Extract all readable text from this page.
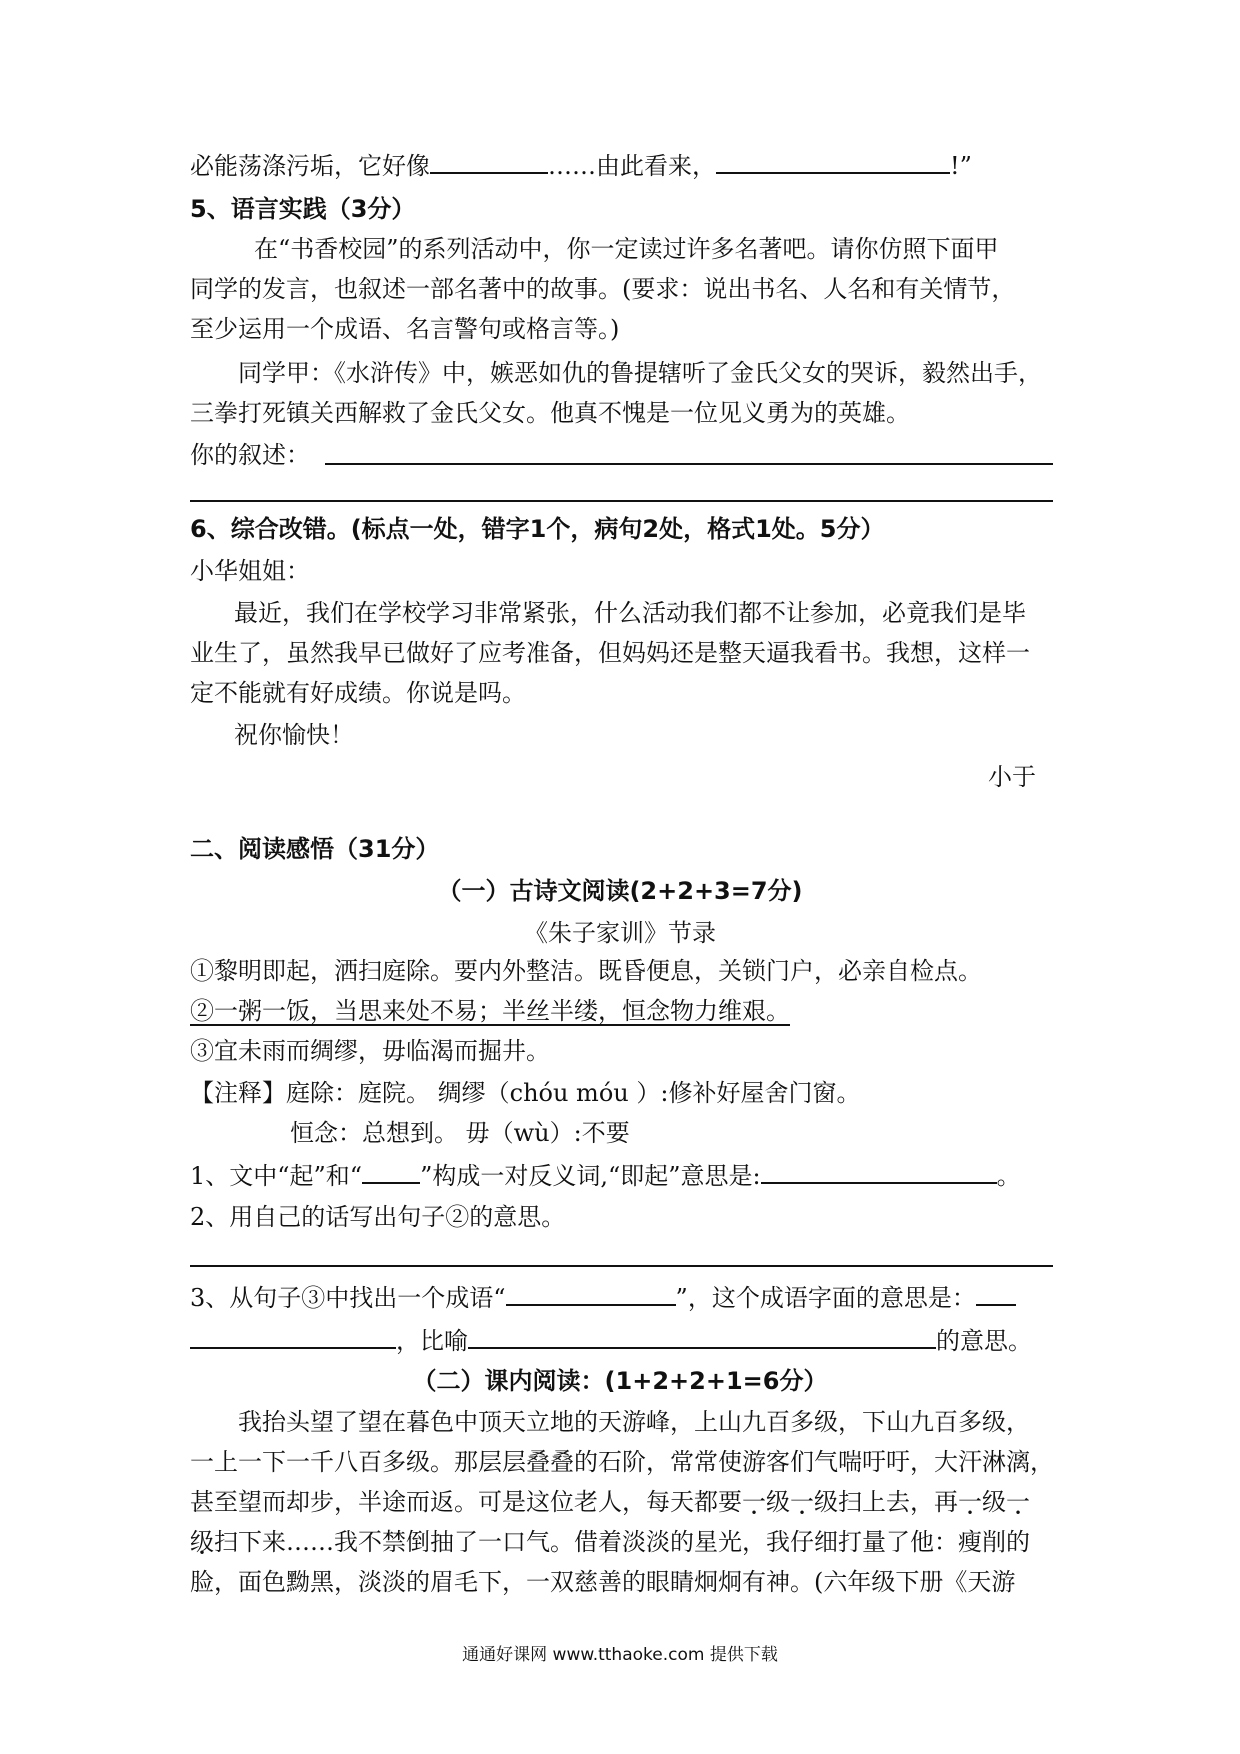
必能荡涤污垢，它好像	……由此看来，	!”
5、语言实践（3分）
在“书香校园”的系列活动中，你一定读过许多名著吧。请你仿照下面甲
同学的发言，也叙述一部名著中的故事。(要求：说出书名、人名和有关情节，
至少运用一个成语、名言警句或格言等。)
同学甲：《水浒传》中，嫉恶如仇的鲁提辖听了金氏父女的哭诉，毅然出手，
三拳打死镇关西解救了金氏父女。他真不愧是一位见义勇为的英雄。
你的叙述：
6、综合改错。(标点一处，错字1个，病句2处，格式1处。5分）
小华姐姐：
最近，我们在学校学习非常紧张，什么活动我们都不让参加，必竟我们是毕
业生了，虽然我早已做好了应考准备，但妈妈还是整天逼我看书。我想，这样一
定不能就有好成绩。你说是吗。
祝你愉快！
小于
二、阅读感悟（31分）
（一）古诗文阅读(2+2+3=7分)
《朱子家训》节录
①黎明即起，洒扫庭除。要内外整洁。既昏便息，关锁门户，必亲自检点。
②一粥一饭，当思来处不易；半丝半缕，恒念物力维艰。
③宜未雨而绸缪，毋临渴而掘井。
【注释】庭除：庭院。 绸缪（chóu móu ）:修补好屋舍门窗。
恒念：总想到。 毋（wù）:不要
1、文中“起”和“ ”构成一对反义词,“即起”意思是:	。
2、用自己的话写出句子②的意思。
3、从句子③中找出一个成语“	”，这个成语字面的意思是：
，比喻	的意思。
（二）课内阅读：(1+2+2+1=6分）
我抬头望了望在暮色中顶天立地的天游峰，上山九百多级，下山九百多级，
一上一下一千八百多级。那层层叠叠的石阶，常常使游客们气喘吁吁，大汗淋漓，
甚至望而却步，半途而返。可是这位老人，每天都要一级一级扫上去，再一级一
级扫下来……我不禁倒抽了一口气。借着淡淡的星光，我仔细打量了他：瘦削的
脸，面色黝黑，淡淡的眉毛下，一双慈善的眼睛炯炯有神。(六年级下册《天游
通通好课网 www.tthaoke.com 提供下载
